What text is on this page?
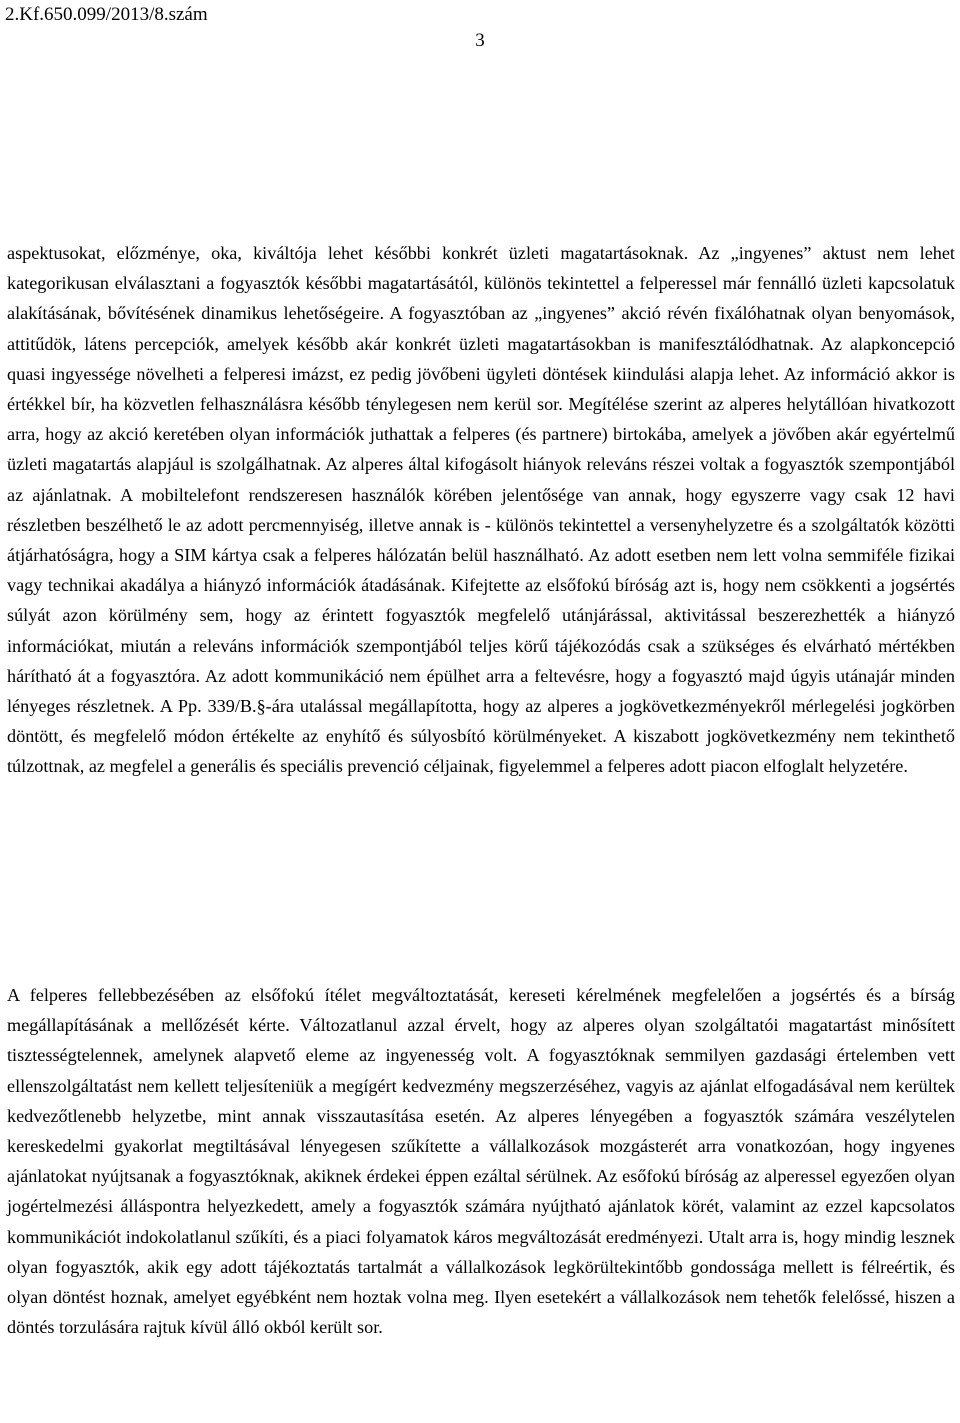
2.Kf.650.099/2013/8.szám
3

aspektusokat, előzménye, oka, kiváltója lehet későbbi konkrét üzleti magatartásoknak. Az „ingyenes” aktust nem lehet kategorikusan elválasztani a fogyasztók későbbi magatartásától, különös tekintettel a felperessel már fennálló üzleti kapcsolatuk alakításának, bővítésének dinamikus lehetőségeire. A fogyasztóban az „ingyenes” akció révén fixálóhatnak olyan benyomások, attitűdök, látens percepciók, amelyek később akár konkrét üzleti magatartásokban is manifesztálódhatnak. Az alapkoncepció quasi ingyessége növelheti a felperesi imázst, ez pedig jövőbeni ügyleti döntések kiindulási alapja lehet. Az információ akkor is értékkel bír, ha közvetlen felhasználásra később ténylegesen nem kerül sor. Megítélése szerint az alperes helytállóan hivatkozott arra, hogy az akció keretében olyan információk juthattak a felperes (és partnere) birtokába, amelyek a jövőben akár egyértelmű üzleti magatartás alapjául is szolgálhatnak. Az alperes által kifogásolt hiányok releváns részei voltak a fogyasztók szempontjából az ajánlatnak. A mobiltelefont rendszeresen használók körében jelentősége van annak, hogy egyszerre vagy csak 12 havi részletben beszélhető le az adott percmennyiség, illetve annak is - különös tekintettel a versenyhelyzetre és a szolgáltatók közötti átjárhatóságra, hogy a SIM kártya csak a felperes hálózatán belül használható. Az adott esetben nem lett volna semmiféle fizikai vagy technikai akadálya a hiányzó információk átadásának. Kifejtette az elsőfokú bíróság azt is, hogy nem csökkenti a jogsértés súlyát azon körülmény sem, hogy az érintett fogyasztók megfelelő utánjárással, aktivitással beszerezhették a hiányzó információkat, miután a releváns információk szempontjából teljes körű tájékozódás csak a szükséges és elvárható mértékben hárítható át a fogyasztóra. Az adott kommunikáció nem épülhet arra a feltevésre, hogy a fogyasztó majd úgyis utánajár minden lényeges részletnek. A Pp. 339/B.§-ára utalással megállapította, hogy az alperes a jogkövetkezményekről mérlegelési jogkörben döntött, és megfelelő módon értékelte az enyhítő és súlyosbító körülményeket. A kiszabott jogkövetkezmény nem tekinthető túlzottnak, az megfelel a generális és speciális prevenció céljainak, figyelemmel a felperes adott piacon elfoglalt helyzetére.

A felperes fellebbezésében az elsőfokú ítélet megváltoztatását, kereseti kérelmének megfelelően a jogsértés és a bírság megállapításának a mellőzését kérte. Változatlanul azzal érvelt, hogy az alperes olyan szolgáltatói magatartást minősített tisztességtelennek, amelynek alapvető eleme az ingyenesség volt. A fogyasztóknak semmilyen gazdasági értelemben vett ellenszolgáltatást nem kellett teljesíteniük a megígért kedvezmény megszerzéséhez, vagyis az ajánlat elfogadásával nem kerültek kedvezőtlenebb helyzetbe, mint annak visszautasítása esetén. Az alperes lényegében a fogyasztók számára veszélytelen kereskedelmi gyakorlat megtiltásával lényegesen szűkítette a vállalkozások mozgásterét arra vonatkozóan, hogy ingyenes ajánlatokat nyújtsanak a fogyasztóknak, akiknek érdekei éppen ezáltal sérülnek. Az esőfokú bíróság az alperessel egyezően olyan jogértelmezési álláspontra helyezkedett, amely a fogyasztók számára nyújtható ajánlatok körét, valamint az ezzel kapcsolatos kommunikációt indokolatlanul szűkíti, és a piaci folyamatok káros megváltozását eredményezi. Utalt arra is, hogy mindig lesznek olyan fogyasztók, akik egy adott tájékoztatás tartalmát a vállalkozások legkörültekintőbb gondossága mellett is félreértik, és olyan döntést hoznak, amelyet egyébként nem hoztak volna meg. Ilyen esetekért a vállalkozások nem tehetők felelőssé, hiszen a döntés torzulására rajtuk kívül álló okból került sor.
